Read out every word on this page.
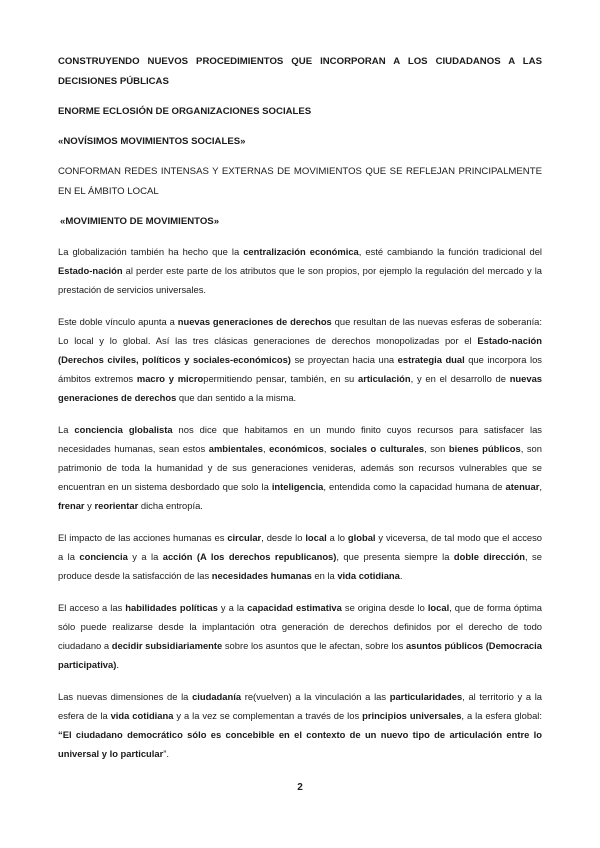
CONSTRUYENDO NUEVOS PROCEDIMIENTOS QUE INCORPORAN A LOS CIUDADANOS A LAS DECISIONES PÚBLICAS
ENORME ECLOSIÓN DE ORGANIZACIONES SOCIALES
«NOVÍSIMOS MOVIMIENTOS SOCIALES»
CONFORMAN REDES INTENSAS Y EXTERNAS DE MOVIMIENTOS QUE SE REFLEJAN PRINCIPALMENTE EN EL ÁMBITO LOCAL
«MOVIMIENTO DE MOVIMIENTOS»

La globalización también ha hecho que la centralización económica, esté cambiando la función tradicional del Estado-nación al perder este parte de los atributos que le son propios, por ejemplo la regulación del mercado y la prestación de servicios universales.

Este doble vínculo apunta a nuevas generaciones de derechos que resultan de las nuevas esferas de soberanía: Lo local y lo global. Así las tres clásicas generaciones de derechos monopolizadas por el Estado-nación (Derechos civiles, políticos y sociales-económicos) se proyectan hacia una estrategia dual que incorpora los ámbitos extremos macro y micropermitiendo pensar, también, en su articulación, y en el desarrollo de nuevas generaciones de derechos que dan sentido a la misma.

La conciencia globalista nos dice que habitamos en un mundo finito cuyos recursos para satisfacer las necesidades humanas, sean estos ambientales, económicos, sociales o culturales, son bienes públicos, son patrimonio de toda la humanidad y de sus generaciones venideras, además son recursos vulnerables que se encuentran en un sistema desbordado que solo la inteligencia, entendida como la capacidad humana de atenuar, frenar y reorientar dicha entropía.

El impacto de las acciones humanas es circular, desde lo local a lo global y viceversa, de tal modo que el acceso a la conciencia y a la acción (A los derechos republicanos), que presenta siempre la doble dirección, se produce desde la satisfacción de las necesidades humanas en la vida cotidiana.

El acceso a las habilidades políticas y a la capacidad estimativa se origina desde lo local, que de forma óptima sólo puede realizarse desde la implantación otra generación de derechos definidos por el derecho de todo ciudadano a decidir subsidiariamente sobre los asuntos que le afectan, sobre los asuntos públicos (Democracia participativa).

Las nuevas dimensiones de la ciudadanía re(vuelven) a la vinculación a las particularidades, al territorio y a la esfera de la vida cotidiana y a la vez se complementan a través de los principios universales, a la esfera global: “El ciudadano democrático sólo es concebible en el contexto de un nuevo tipo de articulación entre lo universal y lo particular”.

2
